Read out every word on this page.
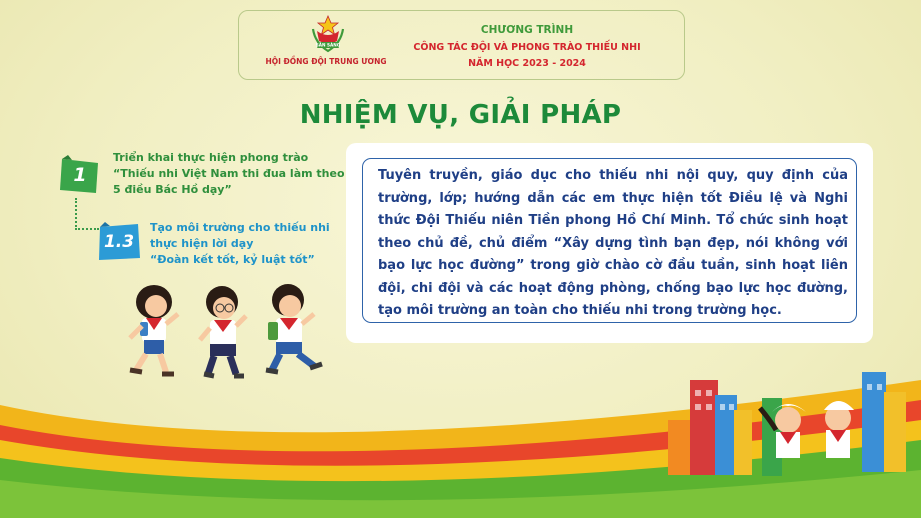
SẴN SÀNG
HỘI ĐỒNG ĐỘI TRUNG ƯƠNG
CHƯƠNG TRÌNH
CÔNG TÁC ĐỘI VÀ PHONG TRÀO THIẾU NHI
NĂM HỌC 2023 - 2024
NHIỆM VỤ, GIẢI PHÁP
1
1.3
Triển khai thực hiện phong trào
“Thiếu nhi Việt Nam thi đua làm theo
5 điều Bác Hồ dạy”
Tạo môi trường cho thiếu nhi
thực hiện lời dạy
“Đoàn kết tốt, kỷ luật tốt”
Tuyên truyền, giáo dục cho thiếu nhi nội quy, quy định của trường, lớp; hướng dẫn các em thực hiện tốt Điều lệ và Nghi thức Đội Thiếu niên Tiền phong Hồ Chí Minh. Tổ chức sinh hoạt theo chủ đề, chủ điểm “Xây dựng tình bạn đẹp, nói không với bạo lực học đường” trong giờ chào cờ đầu tuần, sinh hoạt liên đội, chi đội và các hoạt động phòng, chống bạo lực học đường, tạo môi trường an toàn cho thiếu nhi trong trường học.
